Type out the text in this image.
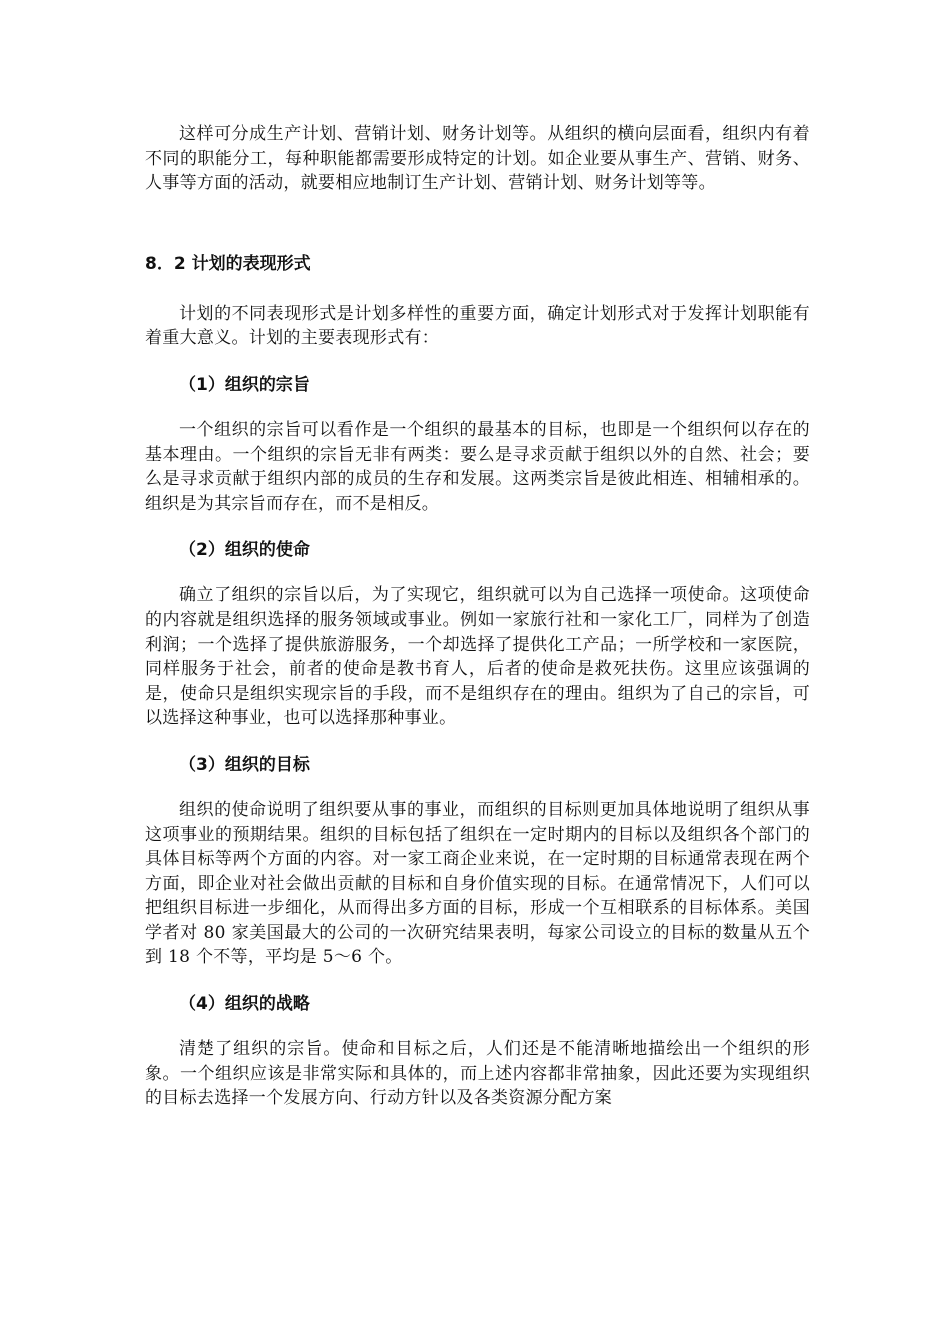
这样可分成生产计划、营销计划、财务计划等。从组织的横向层面看，组织内有着不同的职能分工，每种职能都需要形成特定的计划。如企业要从事生产、营销、财务、人事等方面的活动，就要相应地制订生产计划、营销计划、财务计划等等。

8．2 计划的表现形式

计划的不同表现形式是计划多样性的重要方面，确定计划形式对于发挥计划职能有着重大意义。计划的主要表现形式有：

（1）组织的宗旨

一个组织的宗旨可以看作是一个组织的最基本的目标，也即是一个组织何以存在的基本理由。一个组织的宗旨无非有两类：要么是寻求贡献于组织以外的自然、社会；要么是寻求贡献于组织内部的成员的生存和发展。这两类宗旨是彼此相连、相辅相承的。组织是为其宗旨而存在，而不是相反。

（2）组织的使命

确立了组织的宗旨以后，为了实现它，组织就可以为自己选择一项使命。这项使命的内容就是组织选择的服务领域或事业。例如一家旅行社和一家化工厂，同样为了创造利润；一个选择了提供旅游服务，一个却选择了提供化工产品；一所学校和一家医院，同样服务于社会，前者的使命是教书育人，后者的使命是救死扶伤。这里应该强调的是，使命只是组织实现宗旨的手段，而不是组织存在的理由。组织为了自己的宗旨，可以选择这种事业，也可以选择那种事业。

（3）组织的目标

组织的使命说明了组织要从事的事业，而组织的目标则更加具体地说明了组织从事这项事业的预期结果。组织的目标包括了组织在一定时期内的目标以及组织各个部门的具体目标等两个方面的内容。对一家工商企业来说，在一定时期的目标通常表现在两个方面，即企业对社会做出贡献的目标和自身价值实现的目标。在通常情况下，人们可以把组织目标进一步细化，从而得出多方面的目标，形成一个互相联系的目标体系。美国学者对 80 家美国最大的公司的一次研究结果表明，每家公司设立的目标的数量从五个到 18 个不等，平均是 5～6 个。

（4）组织的战略

清楚了组织的宗旨。使命和目标之后，人们还是不能清晰地描绘出一个组织的形象。一个组织应该是非常实际和具体的，而上述内容都非常抽象，因此还要为实现组织的目标去选择一个发展方向、行动方针以及各类资源分配方案
